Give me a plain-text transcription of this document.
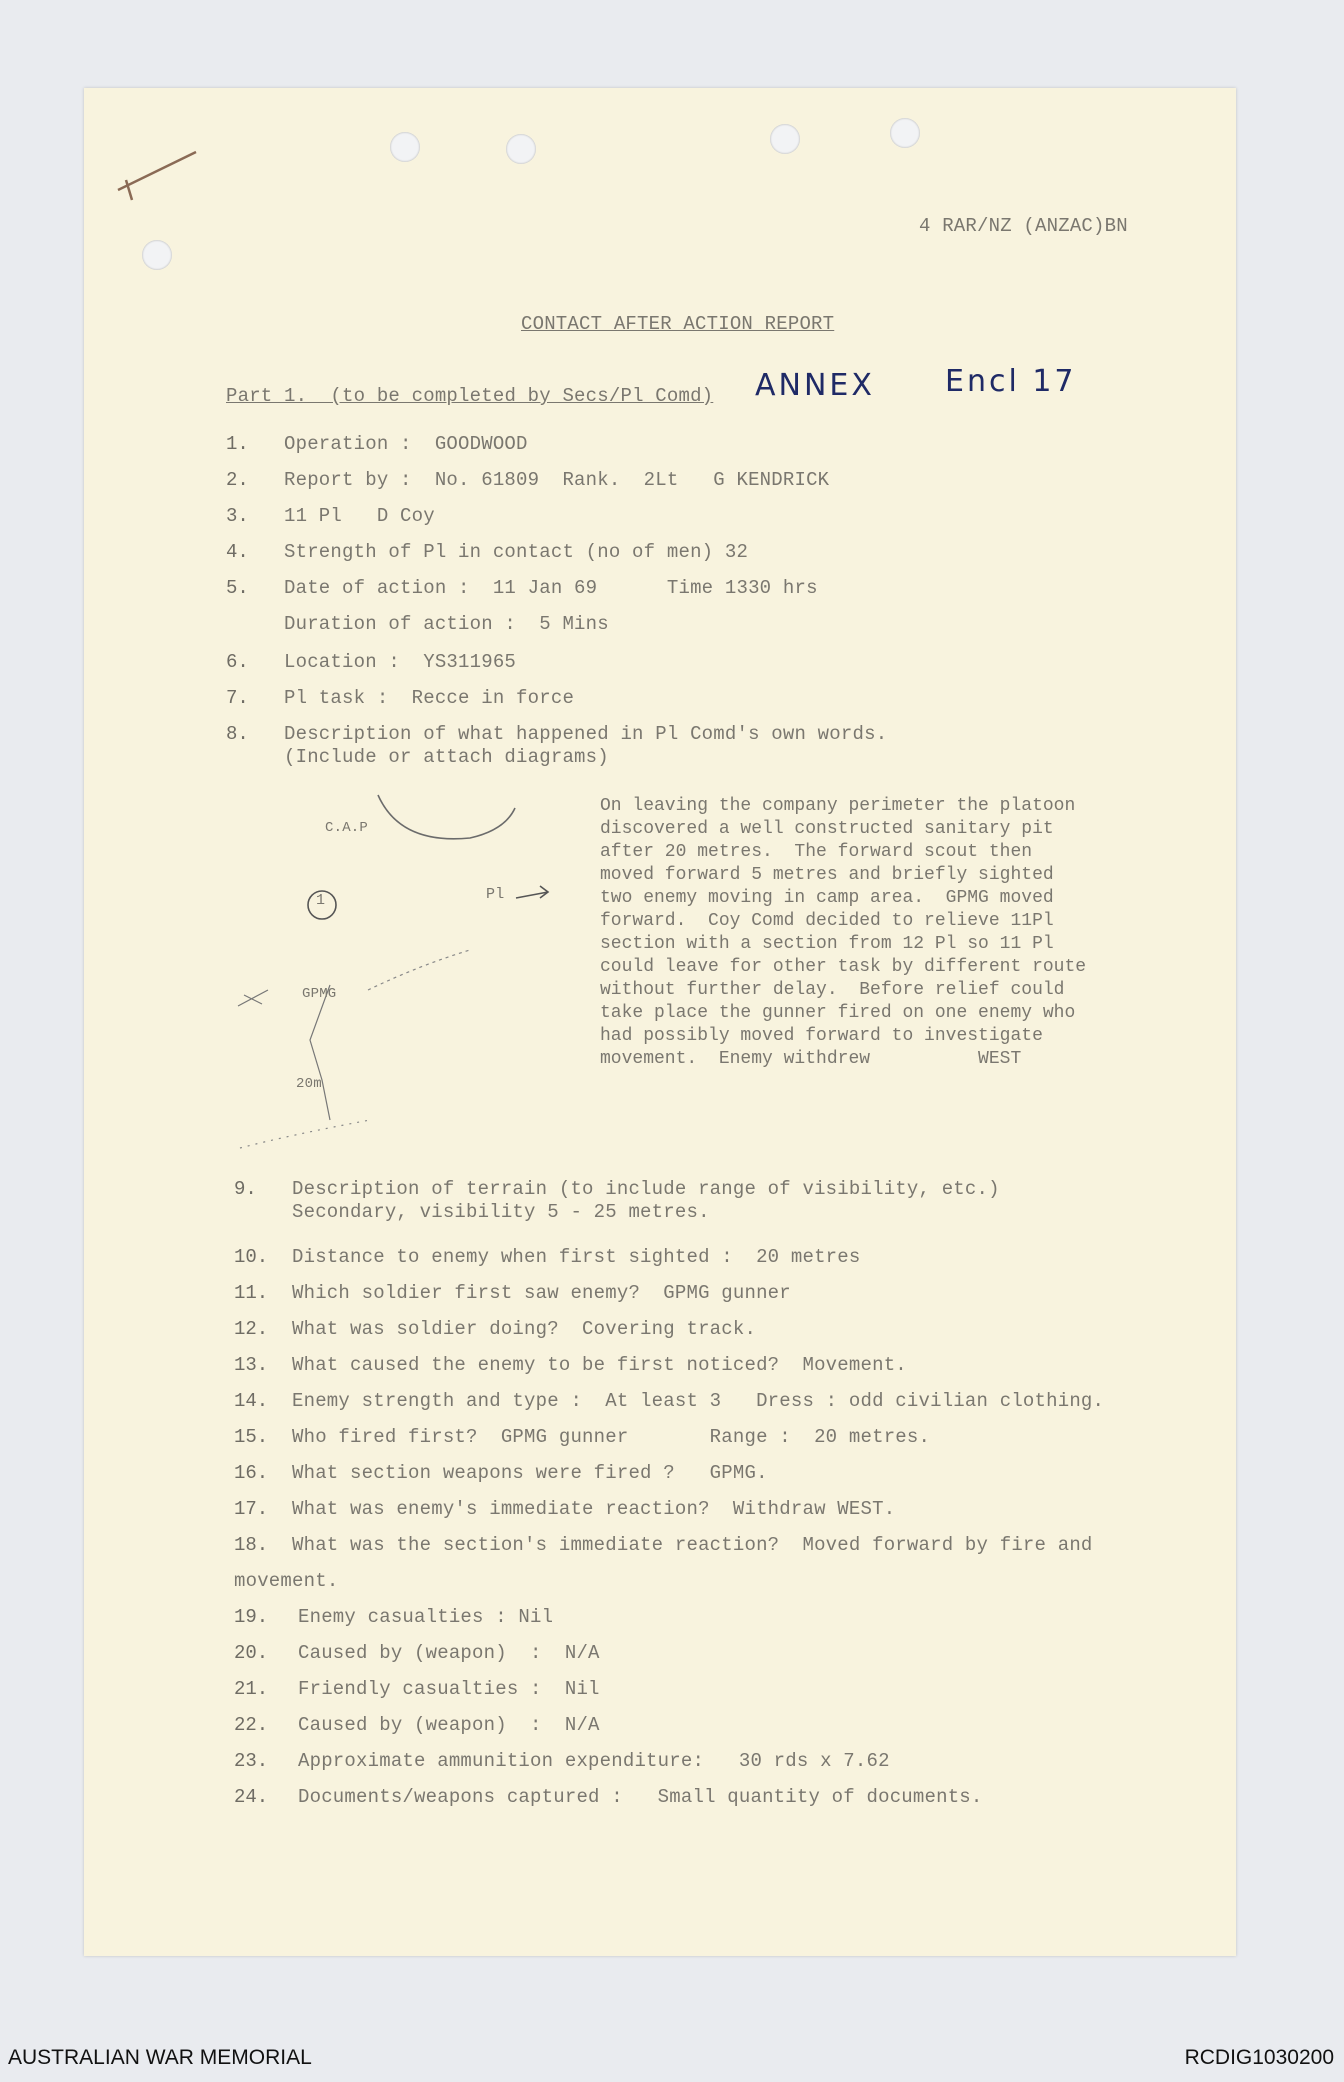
ANNEX Encl 17
4 RAR/NZ (ANZAC)BN
CONTACT AFTER ACTION REPORT
Part 1.  (to be completed by Secs/Pl Comd)
1. Operation :  GOODWOOD
2. Report by :  No. 61809  Rank.  2Lt   G KENDRICK
3. 11 Pl   D Coy
4. Strength of Pl in contact (no of men) 32
5. Date of action :  11 Jan 69      Time 1330 hrs
Duration of action :  5 Mins
6. Location :  YS311965
7. Pl task :  Recce in force
8. Description of what happened in Pl Comd's own words.
(Include or attach diagrams)
9. Description of terrain (to include range of visibility, etc.)
Secondary, visibility 5 - 25 metres.
10. Distance to enemy when first sighted :  20 metres
11. Which soldier first saw enemy?  GPMG gunner
12. What was soldier doing?  Covering track.
13. What caused the enemy to be first noticed?  Movement.
14. Enemy strength and type :  At least 3   Dress : odd civilian clothing.
15. Who fired first?  GPMG gunner       Range :  20 metres.
16. What section weapons were fired ?   GPMG.
17. What was enemy's immediate reaction?  Withdraw WEST.
18. What was the section's immediate reaction?  Moved forward by fire and
movement.
19. Enemy casualties : Nil
20. Caused by (weapon)  :  N/A
21. Friendly casualties :  Nil
22. Caused by (weapon)  :  N/A
23. Approximate ammunition expenditure:   30 rds x 7.62
24. Documents/weapons captured :   Small quantity of documents.
C.A.P
1	Pl
GPMG
20m
On leaving the company perimeter the platoon
discovered a well constructed sanitary pit
after 20 metres.  The forward scout then
moved forward 5 metres and briefly sighted
two enemy moving in camp area.  GPMG moved
forward.  Coy Comd decided to relieve 11Pl
section with a section from 12 Pl so 11 Pl
could leave for other task by different route
without further delay.  Before relief could
take place the gunner fired on one enemy who
had possibly moved forward to investigate
movement.  Enemy withdrew          WEST
AUSTRALIAN WAR MEMORIAL	RCDIG1030200
